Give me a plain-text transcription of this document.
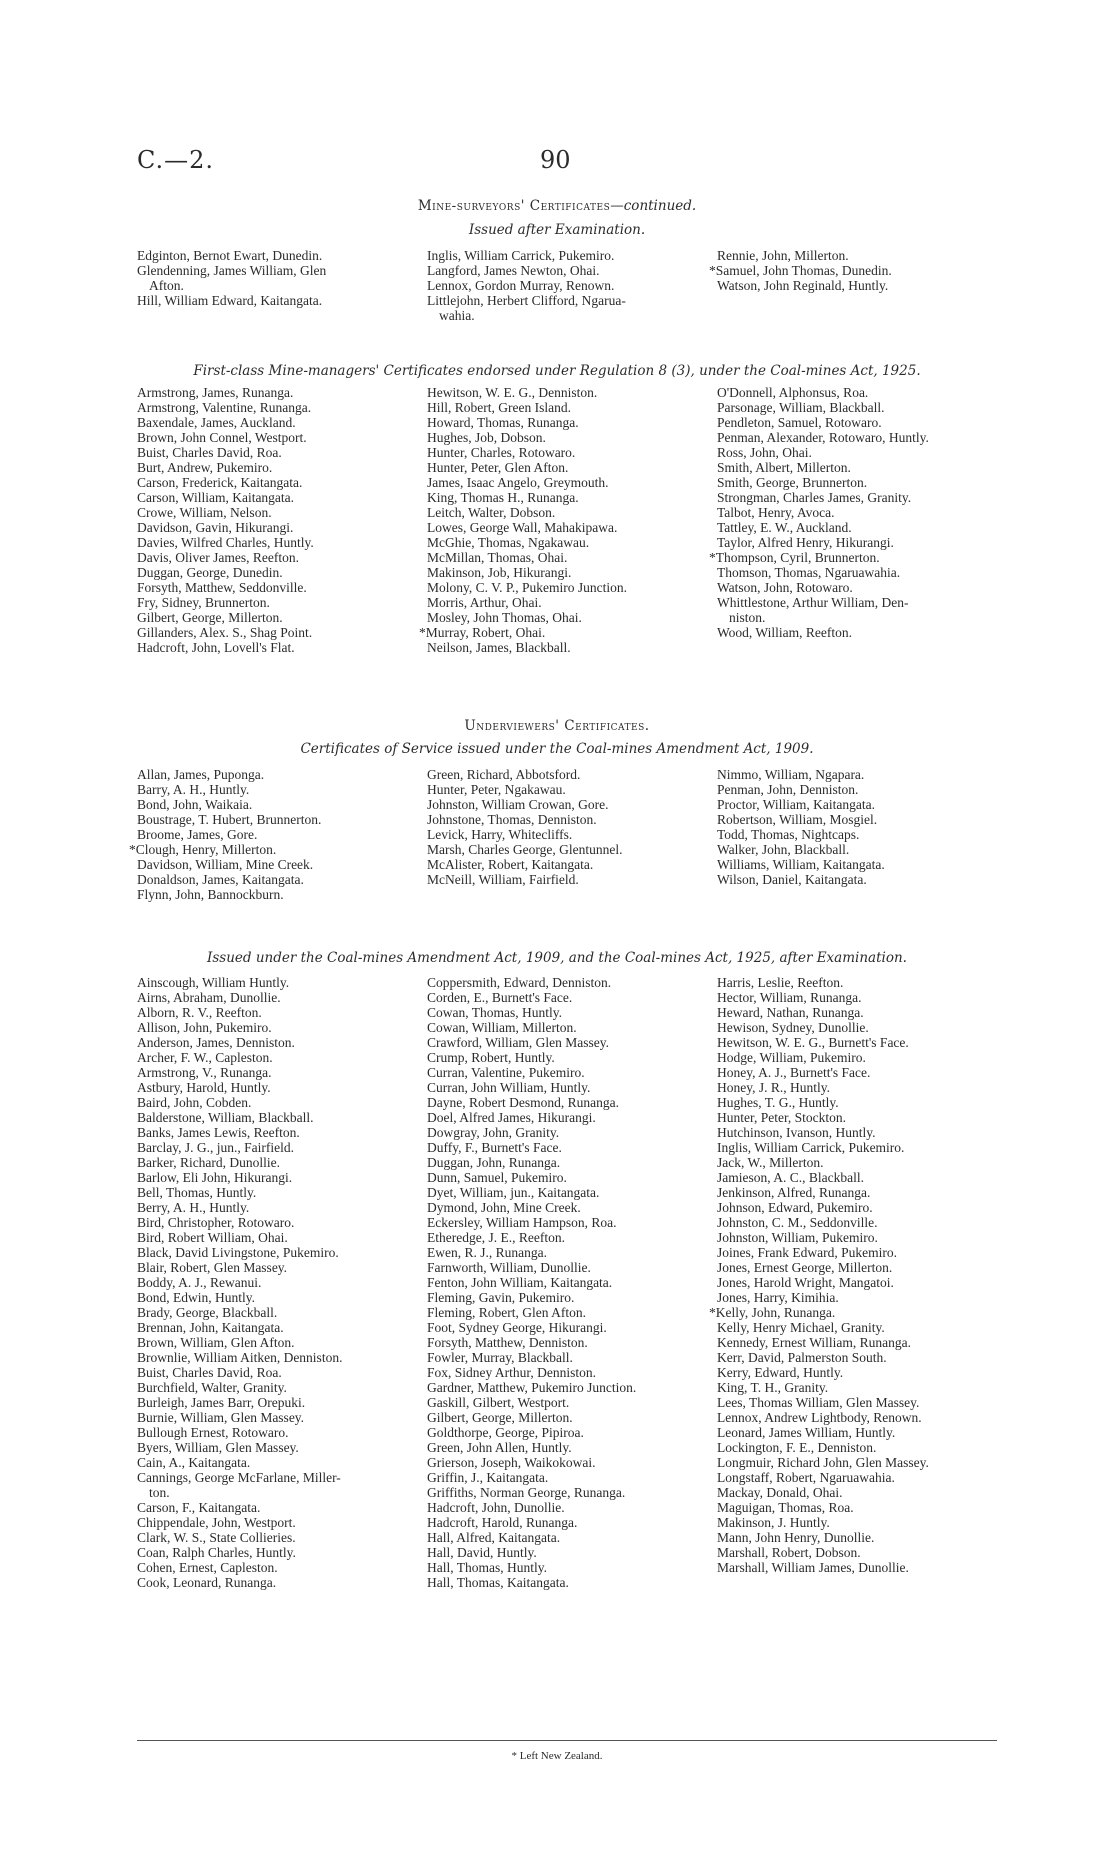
C.—2.	90
Mine-surveyors' Certificates—continued.
Issued after Examination.
Edginton, Bernot Ewart, Dunedin.
Glendenning, James William, Glen
Afton.
Hill, William Edward, Kaitangata.
Inglis, William Carrick, Pukemiro.
Langford, James Newton, Ohai.
Lennox, Gordon Murray, Renown.
Littlejohn, Herbert Clifford, Ngarua-
wahia.
Rennie, John, Millerton.
*Samuel, John Thomas, Dunedin.
Watson, John Reginald, Huntly.
First-class Mine-managers' Certificates endorsed under Regulation 8 (3), under the Coal-mines Act, 1925.
Armstrong, James, Runanga.
Armstrong, Valentine, Runanga.
Baxendale, James, Auckland.
Brown, John Connel, Westport.
Buist, Charles David, Roa.
Burt, Andrew, Pukemiro.
Carson, Frederick, Kaitangata.
Carson, William, Kaitangata.
Crowe, William, Nelson.
Davidson, Gavin, Hikurangi.
Davies, Wilfred Charles, Huntly.
Davis, Oliver James, Reefton.
Duggan, George, Dunedin.
Forsyth, Matthew, Seddonville.
Fry, Sidney, Brunnerton.
Gilbert, George, Millerton.
Gillanders, Alex. S., Shag Point.
Hadcroft, John, Lovell's Flat.
Hewitson, W. E. G., Denniston.
Hill, Robert, Green Island.
Howard, Thomas, Runanga.
Hughes, Job, Dobson.
Hunter, Charles, Rotowaro.
Hunter, Peter, Glen Afton.
James, Isaac Angelo, Greymouth.
King, Thomas H., Runanga.
Leitch, Walter, Dobson.
Lowes, George Wall, Mahakipawa.
McGhie, Thomas, Ngakawau.
McMillan, Thomas, Ohai.
Makinson, Job, Hikurangi.
Molony, C. V. P., Pukemiro Junction.
Morris, Arthur, Ohai.
Mosley, John Thomas, Ohai.
*Murray, Robert, Ohai.
Neilson, James, Blackball.
O'Donnell, Alphonsus, Roa.
Parsonage, William, Blackball.
Pendleton, Samuel, Rotowaro.
Penman, Alexander, Rotowaro, Huntly.
Ross, John, Ohai.
Smith, Albert, Millerton.
Smith, George, Brunnerton.
Strongman, Charles James, Granity.
Talbot, Henry, Avoca.
Tattley, E. W., Auckland.
Taylor, Alfred Henry, Hikurangi.
*Thompson, Cyril, Brunnerton.
Thomson, Thomas, Ngaruawahia.
Watson, John, Rotowaro.
Whittlestone, Arthur William, Den-
niston.
Wood, William, Reefton.
Underviewers' Certificates.
Certificates of Service issued under the Coal-mines Amendment Act, 1909.
Allan, James, Puponga.
Barry, A. H., Huntly.
Bond, John, Waikaia.
Boustrage, T. Hubert, Brunnerton.
Broome, James, Gore.
*Clough, Henry, Millerton.
Davidson, William, Mine Creek.
Donaldson, James, Kaitangata.
Flynn, John, Bannockburn.
Green, Richard, Abbotsford.
Hunter, Peter, Ngakawau.
Johnston, William Crowan, Gore.
Johnstone, Thomas, Denniston.
Levick, Harry, Whitecliffs.
Marsh, Charles George, Glentunnel.
McAlister, Robert, Kaitangata.
McNeill, William, Fairfield.
Nimmo, William, Ngapara.
Penman, John, Denniston.
Proctor, William, Kaitangata.
Robertson, William, Mosgiel.
Todd, Thomas, Nightcaps.
Walker, John, Blackball.
Williams, William, Kaitangata.
Wilson, Daniel, Kaitangata.
Issued under the Coal-mines Amendment Act, 1909, and the Coal-mines Act, 1925, after Examination.
Ainscough, William Huntly.
Airns, Abraham, Dunollie.
Alborn, R. V., Reefton.
Allison, John, Pukemiro.
Anderson, James, Denniston.
Archer, F. W., Capleston.
Armstrong, V., Runanga.
Astbury, Harold, Huntly.
Baird, John, Cobden.
Balderstone, William, Blackball.
Banks, James Lewis, Reefton.
Barclay, J. G., jun., Fairfield.
Barker, Richard, Dunollie.
Barlow, Eli John, Hikurangi.
Bell, Thomas, Huntly.
Berry, A. H., Huntly.
Bird, Christopher, Rotowaro.
Bird, Robert William, Ohai.
Black, David Livingstone, Pukemiro.
Blair, Robert, Glen Massey.
Boddy, A. J., Rewanui.
Bond, Edwin, Huntly.
Brady, George, Blackball.
Brennan, John, Kaitangata.
Brown, William, Glen Afton.
Brownlie, William Aitken, Denniston.
Buist, Charles David, Roa.
Burchfield, Walter, Granity.
Burleigh, James Barr, Orepuki.
Burnie, William, Glen Massey.
Bullough Ernest, Rotowaro.
Byers, William, Glen Massey.
Cain, A., Kaitangata.
Cannings, George McFarlane, Miller-
ton.
Carson, F., Kaitangata.
Chippendale, John, Westport.
Clark, W. S., State Collieries.
Coan, Ralph Charles, Huntly.
Cohen, Ernest, Capleston.
Cook, Leonard, Runanga.
Coppersmith, Edward, Denniston.
Corden, E., Burnett's Face.
Cowan, Thomas, Huntly.
Cowan, William, Millerton.
Crawford, William, Glen Massey.
Crump, Robert, Huntly.
Curran, Valentine, Pukemiro.
Curran, John William, Huntly.
Dayne, Robert Desmond, Runanga.
Doel, Alfred James, Hikurangi.
Dowgray, John, Granity.
Duffy, F., Burnett's Face.
Duggan, John, Runanga.
Dunn, Samuel, Pukemiro.
Dyet, William, jun., Kaitangata.
Dymond, John, Mine Creek.
Eckersley, William Hampson, Roa.
Etheredge, J. E., Reefton.
Ewen, R. J., Runanga.
Farnworth, William, Dunollie.
Fenton, John William, Kaitangata.
Fleming, Gavin, Pukemiro.
Fleming, Robert, Glen Afton.
Foot, Sydney George, Hikurangi.
Forsyth, Matthew, Denniston.
Fowler, Murray, Blackball.
Fox, Sidney Arthur, Denniston.
Gardner, Matthew, Pukemiro Junction.
Gaskill, Gilbert, Westport.
Gilbert, George, Millerton.
Goldthorpe, George, Pipiroa.
Green, John Allen, Huntly.
Grierson, Joseph, Waikokowai.
Griffin, J., Kaitangata.
Griffiths, Norman George, Runanga.
Hadcroft, John, Dunollie.
Hadcroft, Harold, Runanga.
Hall, Alfred, Kaitangata.
Hall, David, Huntly.
Hall, Thomas, Huntly.
Hall, Thomas, Kaitangata.
Harris, Leslie, Reefton.
Hector, William, Runanga.
Heward, Nathan, Runanga.
Hewison, Sydney, Dunollie.
Hewitson, W. E. G., Burnett's Face.
Hodge, William, Pukemiro.
Honey, A. J., Burnett's Face.
Honey, J. R., Huntly.
Hughes, T. G., Huntly.
Hunter, Peter, Stockton.
Hutchinson, Ivanson, Huntly.
Inglis, William Carrick, Pukemiro.
Jack, W., Millerton.
Jamieson, A. C., Blackball.
Jenkinson, Alfred, Runanga.
Johnson, Edward, Pukemiro.
Johnston, C. M., Seddonville.
Johnston, William, Pukemiro.
Joines, Frank Edward, Pukemiro.
Jones, Ernest George, Millerton.
Jones, Harold Wright, Mangatoi.
Jones, Harry, Kimihia.
*Kelly, John, Runanga.
Kelly, Henry Michael, Granity.
Kennedy, Ernest William, Runanga.
Kerr, David, Palmerston South.
Kerry, Edward, Huntly.
King, T. H., Granity.
Lees, Thomas William, Glen Massey.
Lennox, Andrew Lightbody, Renown.
Leonard, James William, Huntly.
Lockington, F. E., Denniston.
Longmuir, Richard John, Glen Massey.
Longstaff, Robert, Ngaruawahia.
Mackay, Donald, Ohai.
Maguigan, Thomas, Roa.
Makinson, J. Huntly.
Mann, John Henry, Dunollie.
Marshall, Robert, Dobson.
Marshall, William James, Dunollie.
* Left New Zealand.
